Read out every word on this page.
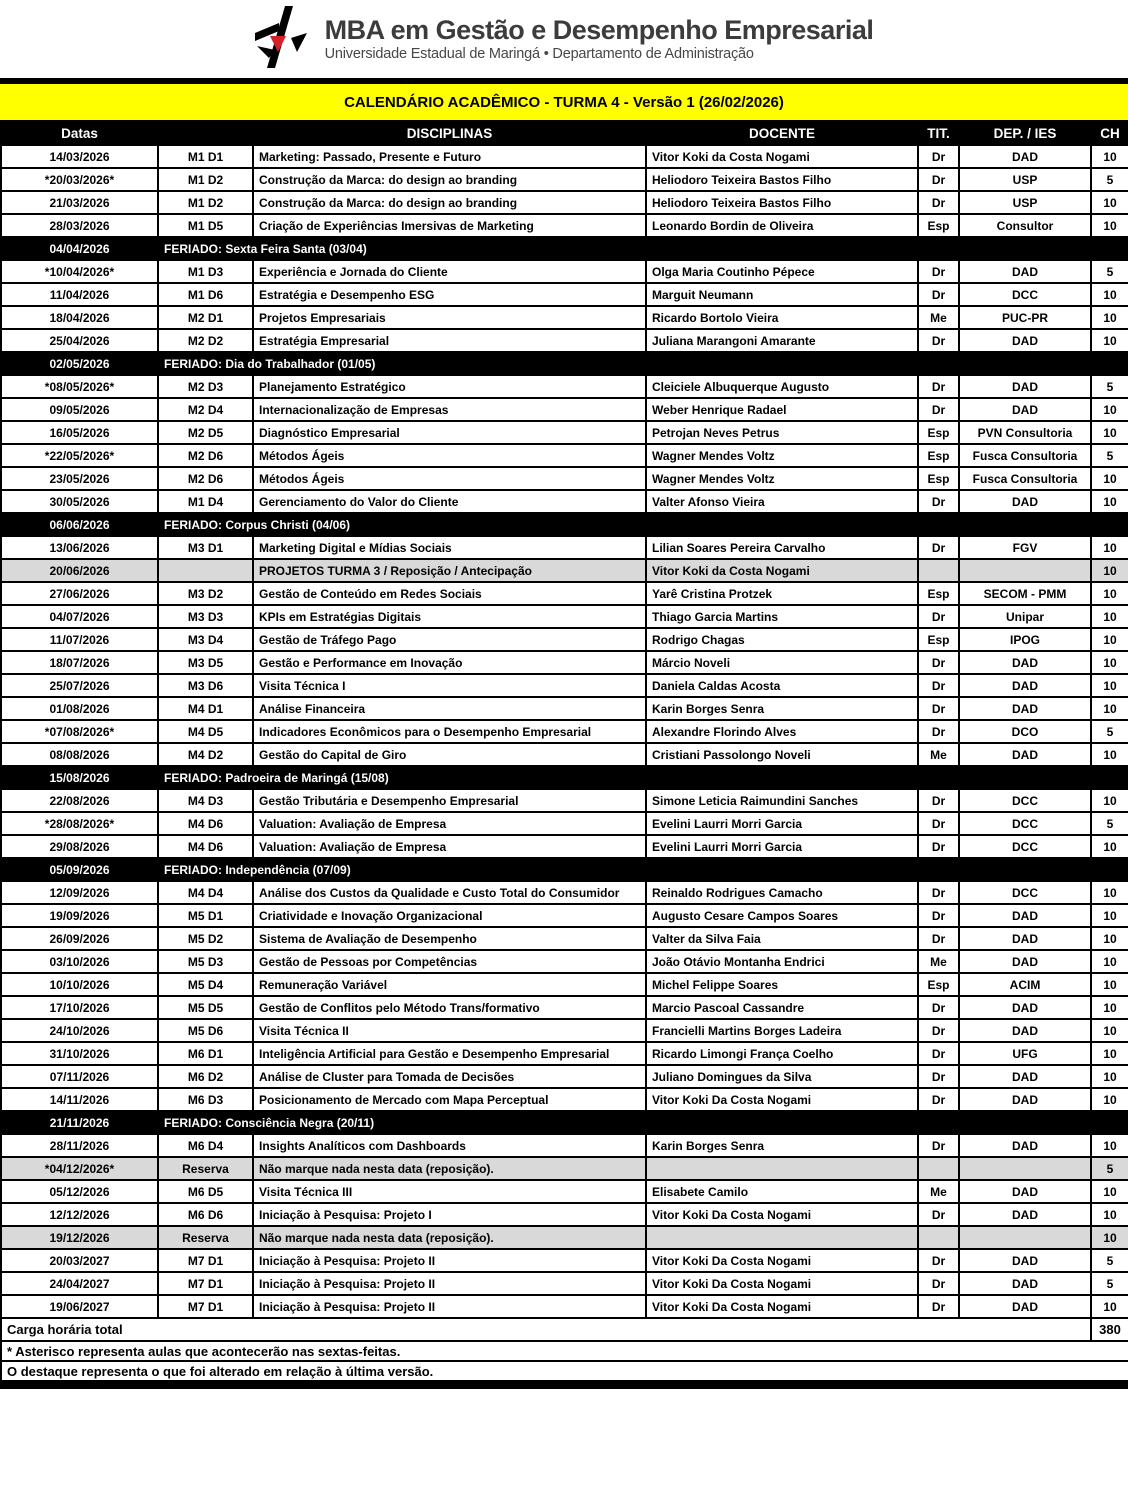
MBA em Gestão e Desempenho Empresarial
Universidade Estadual de Maringá • Departamento de Administração
CALENDÁRIO ACADÊMICO - TURMA 4 - Versão 1 (26/02/2026)
Datas		DISCIPLINAS	DOCENTE	TIT.	DEP. / IES	CH
14/03/2026	M1 D1	Marketing: Passado, Presente e Futuro	Vitor Koki da Costa Nogami	Dr	DAD	10
*20/03/2026*	M1 D2	Construção da Marca: do design ao branding	Heliodoro Teixeira Bastos Filho	Dr	USP	5
21/03/2026	M1 D2	Construção da Marca: do design ao branding	Heliodoro Teixeira Bastos Filho	Dr	USP	10
28/03/2026	M1 D5	Criação de Experiências Imersivas de Marketing	Leonardo Bordin de Oliveira	Esp	Consultor	10
04/04/2026	FERIADO: Sexta Feira Santa (03/04)					
*10/04/2026*	M1 D3	Experiência e Jornada do Cliente	Olga Maria Coutinho Pépece	Dr	DAD	5
11/04/2026	M1 D6	Estratégia e Desempenho ESG	Marguit Neumann	Dr	DCC	10
18/04/2026	M2 D1	Projetos Empresariais	Ricardo Bortolo Vieira	Me	PUC-PR	10
25/04/2026	M2 D2	Estratégia Empresarial	Juliana Marangoni Amarante	Dr	DAD	10
02/05/2026	FERIADO: Dia do Trabalhador (01/05)					
*08/05/2026*	M2 D3	Planejamento Estratégico	Cleiciele Albuquerque Augusto	Dr	DAD	5
09/05/2026	M2 D4	Internacionalização de Empresas	Weber Henrique Radael	Dr	DAD	10
16/05/2026	M2 D5	Diagnóstico Empresarial	Petrojan Neves Petrus	Esp	PVN Consultoria	10
*22/05/2026*	M2 D6	Métodos Ágeis	Wagner Mendes Voltz	Esp	Fusca Consultoria	5
23/05/2026	M2 D6	Métodos Ágeis	Wagner Mendes Voltz	Esp	Fusca Consultoria	10
30/05/2026	M1 D4	Gerenciamento do Valor do Cliente	Valter Afonso Vieira	Dr	DAD	10
06/06/2026	FERIADO: Corpus Christi (04/06)					
13/06/2026	M3 D1	Marketing Digital e Mídias Sociais	Lilian Soares Pereira Carvalho	Dr	FGV	10
20/06/2026		PROJETOS TURMA 3 / Reposição / Antecipação	Vitor Koki da Costa Nogami			10
27/06/2026	M3 D2	Gestão de Conteúdo em Redes Sociais	Yarê Cristina Protzek	Esp	SECOM - PMM	10
04/07/2026	M3 D3	KPIs em Estratégias Digitais	Thiago Garcia Martins	Dr	Unipar	10
11/07/2026	M3 D4	Gestão de Tráfego Pago	Rodrigo Chagas	Esp	IPOG	10
18/07/2026	M3 D5	Gestão e Performance em Inovação	Márcio Noveli	Dr	DAD	10
25/07/2026	M3 D6	Visita Técnica I	Daniela Caldas Acosta	Dr	DAD	10
01/08/2026	M4 D1	Análise Financeira	Karin Borges Senra	Dr	DAD	10
*07/08/2026*	M4 D5	Indicadores Econômicos para o Desempenho Empresarial	Alexandre Florindo Alves	Dr	DCO	5
08/08/2026	M4 D2	Gestão do Capital de Giro	Cristiani Passolongo Noveli	Me	DAD	10
15/08/2026	FERIADO: Padroeira de Maringá (15/08)					
22/08/2026	M4 D3	Gestão Tributária e Desempenho Empresarial	Simone Leticia Raimundini Sanches	Dr	DCC	10
*28/08/2026*	M4 D6	Valuation: Avaliação de Empresa	Evelini Laurri Morri Garcia	Dr	DCC	5
29/08/2026	M4 D6	Valuation: Avaliação de Empresa	Evelini Laurri Morri Garcia	Dr	DCC	10
05/09/2026	FERIADO: Independência (07/09)					
12/09/2026	M4 D4	Análise dos Custos da Qualidade e Custo Total do Consumidor	Reinaldo Rodrigues Camacho	Dr	DCC	10
19/09/2026	M5 D1	Criatividade e Inovação Organizacional	Augusto Cesare Campos Soares	Dr	DAD	10
26/09/2026	M5 D2	Sistema de Avaliação de Desempenho	Valter da Silva Faia	Dr	DAD	10
03/10/2026	M5 D3	Gestão de Pessoas por Competências	João Otávio Montanha Endrici	Me	DAD	10
10/10/2026	M5 D4	Remuneração Variável	Michel Felippe Soares	Esp	ACIM	10
17/10/2026	M5 D5	Gestão de Conflitos pelo Método Trans/formativo	Marcio Pascoal Cassandre	Dr	DAD	10
24/10/2026	M5 D6	Visita Técnica II	Francielli Martins Borges Ladeira	Dr	DAD	10
31/10/2026	M6 D1	Inteligência Artificial para Gestão e Desempenho Empresarial	Ricardo Limongi França Coelho	Dr	UFG	10
07/11/2026	M6 D2	Análise de Cluster para Tomada de Decisões	Juliano Domingues da Silva	Dr	DAD	10
14/11/2026	M6 D3	Posicionamento de Mercado com Mapa Perceptual	Vitor Koki Da Costa Nogami	Dr	DAD	10
21/11/2026	FERIADO: Consciência Negra (20/11)					
28/11/2026	M6 D4	Insights Analíticos com Dashboards	Karin Borges Senra	Dr	DAD	10
*04/12/2026*	Reserva	Não marque nada nesta data (reposição).				5
05/12/2026	M6 D5	Visita Técnica III	Elisabete Camilo	Me	DAD	10
12/12/2026	M6 D6	Iniciação à Pesquisa: Projeto I	Vitor Koki Da Costa Nogami	Dr	DAD	10
19/12/2026	Reserva	Não marque nada nesta data (reposição).				10
20/03/2027	M7 D1	Iniciação à Pesquisa: Projeto II	Vitor Koki Da Costa Nogami	Dr	DAD	5
24/04/2027	M7 D1	Iniciação à Pesquisa: Projeto II	Vitor Koki Da Costa Nogami	Dr	DAD	5
19/06/2027	M7 D1	Iniciação à Pesquisa: Projeto II	Vitor Koki Da Costa Nogami	Dr	DAD	10
Carga horária total						380
* Asterisco representa aulas que acontecerão nas sextas-feitas.						
O destaque representa o que foi alterado em relação à última versão.						
